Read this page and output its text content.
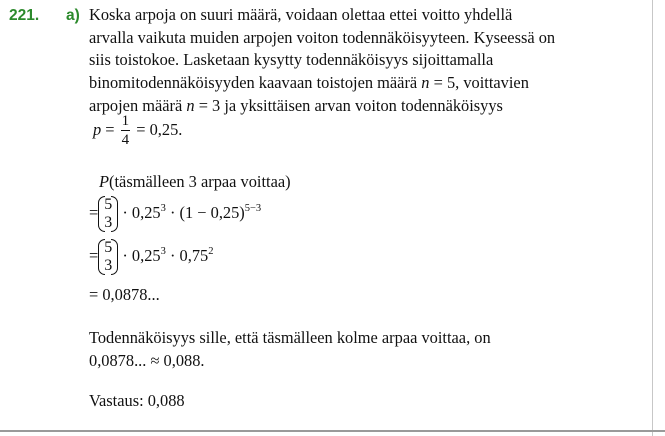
221. a) Koska arpoja on suuri määrä, voidaan olettaa ettei voitto yhdellä
arvalla vaikuta muiden arpojen voiton todennäköisyyteen. Kyseessä on
siis toistokoe. Lasketaan kysytty todennäköisyys sijoittamalla
binomitodennäköisyyden kaavaan toistojen määrä n = 5, voittavien
arpojen määrä n = 3 ja yksittäisen arvan voiton todennäköisyys
$p = \frac{1}{4} = 0,25$.
P(täsmälleen 3 arpaa voittaa)
= 5
3
· $0,25^3 \cdot (1 - 0,25)^{5-3}$
= 5
3
· $0,25^3 \cdot 0,75^2$
= 0,0878...
Todennäköisyys sille, että täsmälleen kolme arpaa voittaa, on
0,0878... ≈ 0,088.
Vastaus: 0,088
